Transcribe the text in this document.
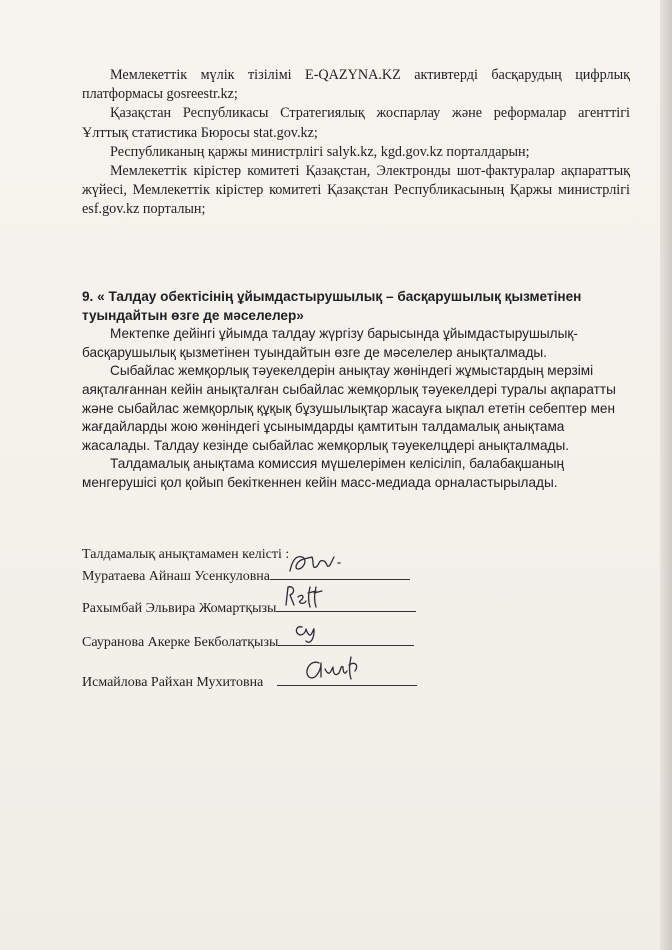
Мемлекеттік мүлік тізілімі E-QAZYNA.KZ активтерді басқарудың цифрлық платформасы gosreestr.kz;

Қазақстан Республикасы Стратегиялық жоспарлау және реформалар агенттігі Ұлттық статистика Бюросы stat.gov.kz;

Республиканың қаржы министрлігі salyk.kz, kgd.gov.kz порталдарын;

Мемлекеттік кірістер комитеті Қазақстан, Электронды шот-фактуралар ақпараттық жүйесі, Мемлекеттік кірістер комитеті Қазақстан Республикасының Қаржы министрлігі esf.gov.kz порталын;

9. « Талдау обектісінің ұйымдастырушылық – басқарушылық қызметінен туындайтын өзге де мәселелер»

Мектепке дейінгі ұйымда талдау жүргізу барысында ұйымдастырушылық-басқарушылық қызметінен туындайтын өзге де мәселелер анықталмады.

Сыбайлас жемқорлық тәуекелдерін анықтау жөніндегі жұмыстардың мерзімі аяқталғаннан кейін анықталған сыбайлас жемқорлық тәуекелдері туралы ақпаратты және сыбайлас жемқорлық құқық бұзушылықтар жасауға ықпал ететін себептер мен жағдайларды жою жөніндегі ұсынымдарды қамтитын талдамалық анықтама жасалады. Талдау кезінде сыбайлас жемқорлық тәуекелцдері анықталмады.

Талдамалық анықтама комиссия мүшелерімен келісіліп, балабақшаның менгерушісі қол қойып бекіткеннен кейін масс-медиада орналастырылады.

Талдамалық анықтамамен келісті :
Муратаева Айнаш Усенкуловна
Рахымбай Эльвира Жомартқызы
Сауранова Акерке Бекболатқызы
Исмайлова Райхан Мухитовна
